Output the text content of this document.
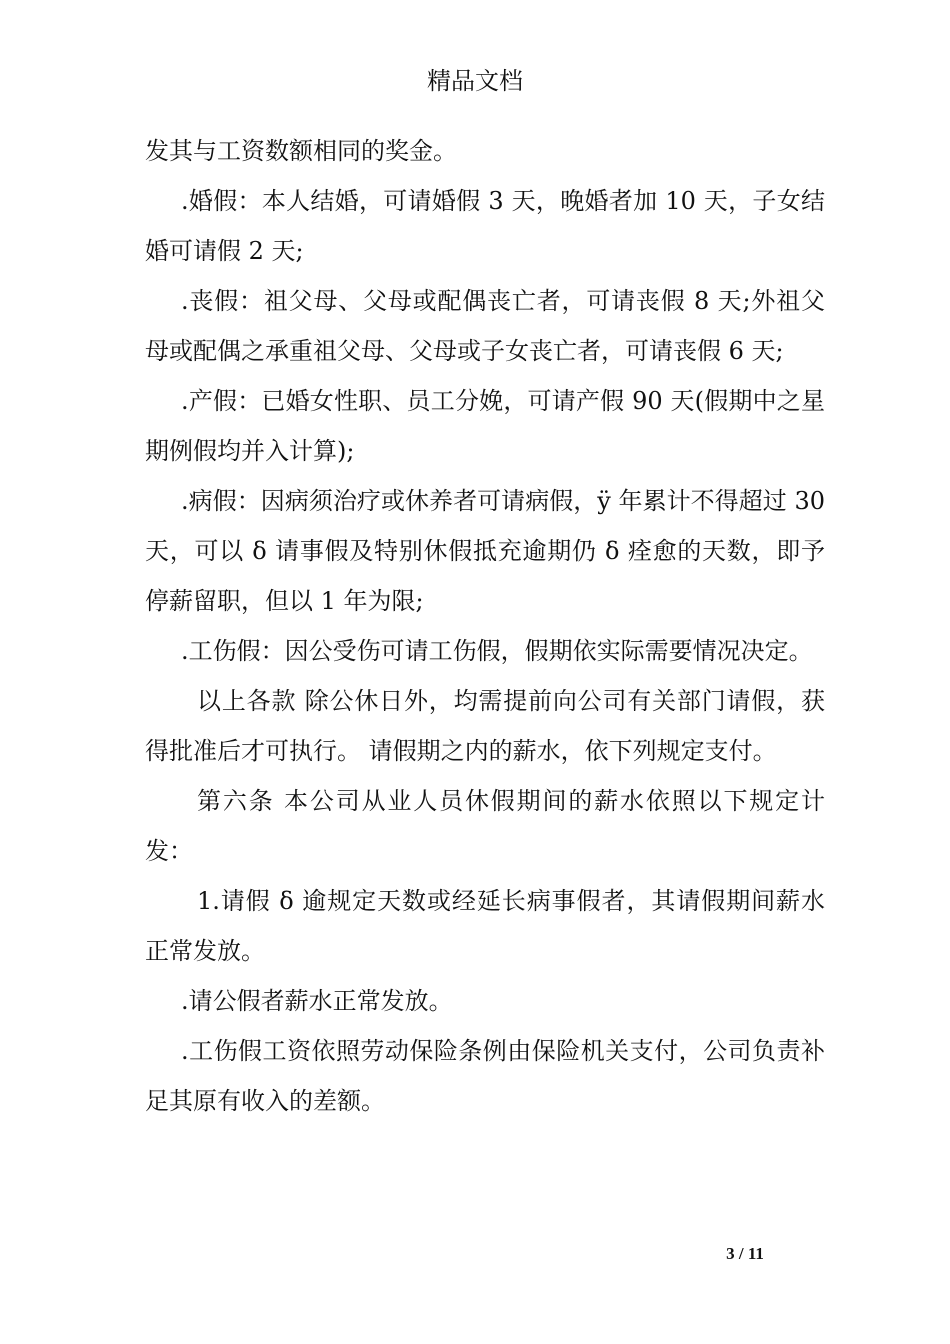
精品文档

发其与工资数额相同的奖金。

.婚假：本人结婚，可请婚假 3 天，晚婚者加 10 天，子女结婚可请假 2 天;

.丧假：祖父母、父母或配偶丧亡者，可请丧假 8 天;外祖父母或配偶之承重祖父母、父母或子女丧亡者，可请丧假 6 天;

.产假：已婚女性职、员工分娩，可请产假 90 天(假期中之星期例假均并入计算);

.病假：因病须治疗或休养者可请病假，ÿ 年累计不得超过 30 天，可以 δ 请事假及特别休假抵充逾期仍 δ 痊愈的天数，即予停薪留职，但以 1 年为限;

.工伤假：因公受伤可请工伤假，假期依实际需要情况决定。

以上各款 除公休日外，均需提前向公司有关部门请假，获得批准后才可执行。 请假期之内的薪水，依下列规定支付。

第六条 本公司从业人员休假期间的薪水依照以下规定计发：

1.请假 δ 逾规定天数或经延长病事假者，其请假期间薪水正常发放。

.请公假者薪水正常发放。

.工伤假工资依照劳动保险条例由保险机关支付，公司负责补足其原有收入的差额。

3 / 11
